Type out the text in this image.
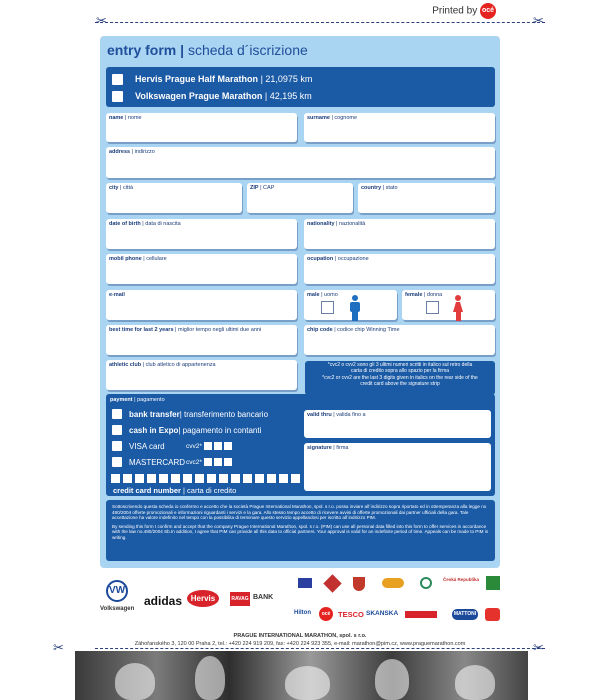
Printed by océ
✂	✂
✂	✂
entry form | scheda d´iscrizione
Hervis Prague Half Marathon | 21,0975 km
Volkswagen Prague Marathon | 42,195 km
name | nome	surname | cognome
address | indirizzo
city | città	ZIP | CAP	country | stato
date of birth | data di nascita	nationality | nazionalità
mobil phone | cellulare	ocupation | occupazione
e-mail	male | uomo	female | donna
best time for last 2 years | miglior tempo negli ultimi due anni	chip code | codice chip Winning Time
athletic club | club atletico di appartenenza	*cvc2 o cvv2 sono gli 3 ultimi numeri scritti in italico sul retro della
carta di credito sopra allo spazio per la firma
*cvc2 or cvv2 are the last 3 digits given in italics on the rear side of the
credit card above the signature strip
payment | pagamento
bank transfer | transferimento bancario
cash in Expo | pagamento in contanti
VISA card
MASTERCARD
cvv2*
cvc2*
credit card number | carta di credito
valid thru | valida fino a
signature | firma

Sottoscrivendo questa scheda io confermo e accetto che la società Prague International Marathon, spol. s r.o. possa inviare all´indirizzo sopra riportato ed in ottemperanza alla legge no 480/2004 offerte promozionali e informazioni riguardanti i servizi e la gara. Allo stesso tempo accetto di ricevere avvisi di offerte promozionali dai partner ufficiali della gara. Tale accettazione ha valore indefinito nel tempo con la possibilita di terminare questo servizio appellandosi per iscritto all´indirizzo PIM.

By sending this form I confirm and accept that the company Prague International Marathon, spol. s r.o. (PIM) can use all personal data filled into this form to offer services in accordance with the law no.480/2004 Sb.In addition, I agree that PIM can provide all this data to official partners. Your approval is valid for an indefinite period of time. Appeals can be made to PIM in writing.

VW
Volkswagen
adidas	Hervis	RAVAG BANK
Česká Republika
Hilton	océ	TESCO SKANSKA	MATTONI
PRAGUE INTERNATIONAL MARATHON, spol. s r.o.
Záhořanského 3, 120 00 Praha 2, tel.: +420 224 919 209, fax: +420 224 923 355, e-mail: marathon@pim.cz, www.praguemarathon.com
